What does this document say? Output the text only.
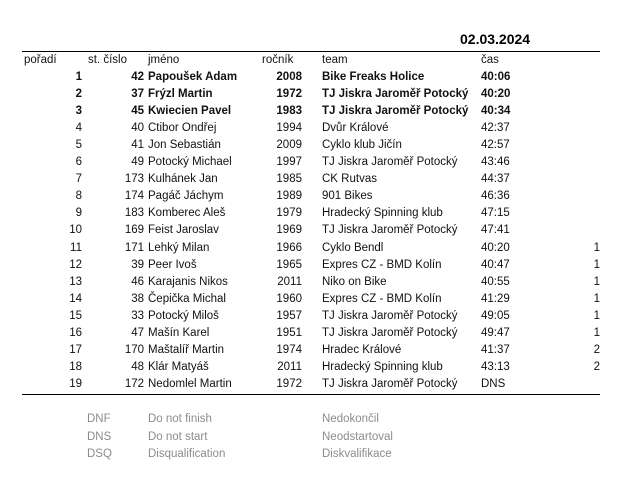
02.03.2024
pořadí	st. číslo jméno	ročník team	čas
1	42 Papoušek Adam	2008 Bike Freaks Holice	40:06
2	37 Frýzl Martin	1972 TJ Jiskra Jaroměř Potocký 40:20
3	45 Kwiecien Pavel	1983 TJ Jiskra Jaroměř Potocký 40:34
4	40 Ctibor Ondřej	1994 Dvůr Králové	42:37
5	41 Jon Sebastián	2009 Cyklo klub Jičín	42:57
6	49 Potocký Michael	1997 TJ Jiskra Jaroměř Potocký 43:46
7	173 Kulhánek Jan	1985 CK Rutvas	44:37
8	174 Pagáč Jáchym	1989 901 Bikes	46:36
9	183 Komberec Aleš	1979 Hradecký Spinning klub	47:15
10	169 Feist Jaroslav	1969 TJ Jiskra Jaroměř Potocký 47:41
11	171 Lehký Milan	1966 Cyklo Bendl	40:20	1
12	39 Peer Ivoš	1965 Expres CZ - BMD Kolín	40:47	1
13	46 Karajanis Nikos	2011 Niko on Bike	40:55	1
14	38 Čepička Michal	1960 Expres CZ - BMD Kolín	41:29	1
15	33 Potocký Miloš	1957 TJ Jiskra Jaroměř Potocký 49:05	1
16	47 Mašín Karel	1951 TJ Jiskra Jaroměř Potocký 49:47	1
17	170 Maštalíř Martin	1974 Hradec Králové	41:37	2
18	48 Klár Matyáš	2011 Hradecký Spinning klub	43:13	2
19	172 Nedomlel Martin	1972 TJ Jiskra Jaroměř Potocký DNS
DNF	Do not finish	Nedokončil
DNS	Do not start	Neodstartoval
DSQ	Disqualification	Diskvalifikace
